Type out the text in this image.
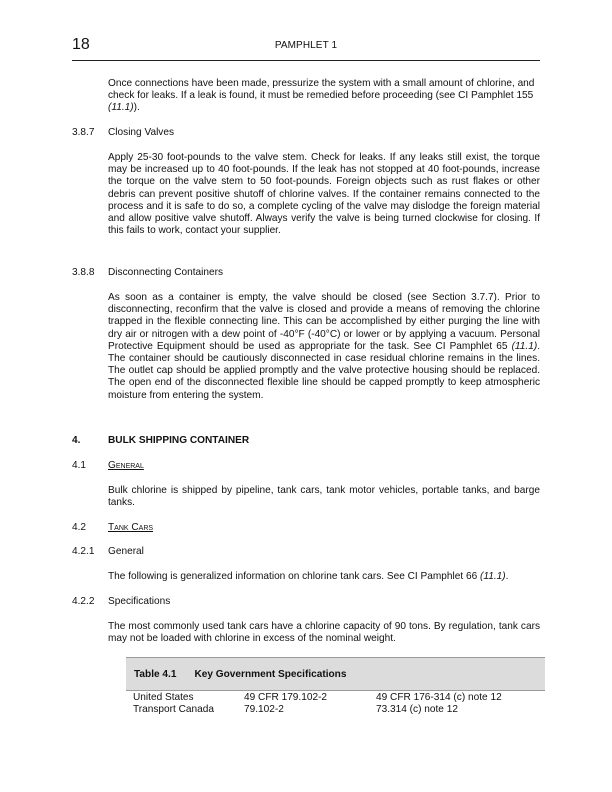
18	PAMPHLET 1
Once connections have been made, pressurize the system with a small amount of chlorine, and check for leaks. If a leak is found, it must be remedied before proceeding (see CI Pamphlet 155 (11.1)).
3.8.7 Closing Valves
Apply 25-30 foot-pounds to the valve stem. Check for leaks. If any leaks still exist, the torque may be increased up to 40 foot-pounds. If the leak has not stopped at 40 foot-pounds, increase the torque on the valve stem to 50 foot-pounds. Foreign objects such as rust flakes or other debris can prevent positive shutoff of chlorine valves. If the container remains connected to the process and it is safe to do so, a complete cycling of the valve may dislodge the foreign material and allow positive valve shutoff. Always verify the valve is being turned clockwise for closing. If this fails to work, contact your supplier.
3.8.8 Disconnecting Containers
As soon as a container is empty, the valve should be closed (see Section 3.7.7). Prior to disconnecting, reconfirm that the valve is closed and provide a means of removing the chlorine trapped in the flexible connecting line. This can be accomplished by either purging the line with dry air or nitrogen with a dew point of -40°F (-40°C) or lower or by applying a vacuum. Personal Protective Equipment should be used as appropriate for the task. See CI Pamphlet 65 (11.1). The container should be cautiously disconnected in case residual chlorine remains in the lines. The outlet cap should be applied promptly and the valve protective housing should be replaced. The open end of the disconnected flexible line should be capped promptly to keep atmospheric moisture from entering the system.
4.	BULK SHIPPING CONTAINER
4.1 General
Bulk chlorine is shipped by pipeline, tank cars, tank motor vehicles, portable tanks, and barge tanks.
4.2 Tank Cars
4.2.1 General
The following is generalized information on chlorine tank cars. See CI Pamphlet 66 (11.1).
4.2.2 Specifications
The most commonly used tank cars have a chlorine capacity of 90 tons. By regulation, tank cars may not be loaded with chlorine in excess of the nominal weight.
Table 4.1 Key Government Specifications
United States	49 CFR 179.102-2	49 CFR 176-314 (c) note 12
Transport Canada	79.102-2	73.314 (c) note 12
